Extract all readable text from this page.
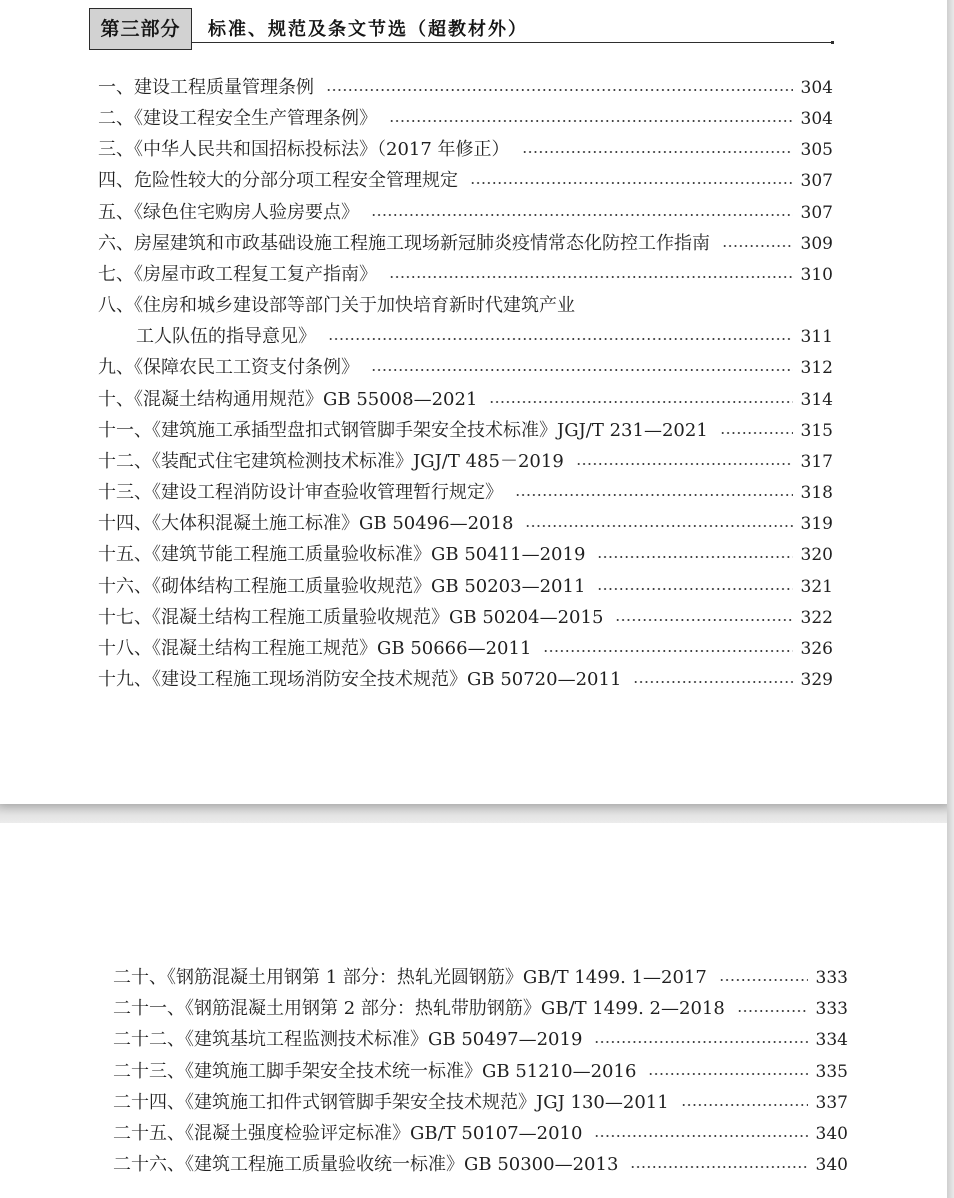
第三部分	标准、规范及条文节选（超教材外）
一、建设工程质量管理条例	304
二、《建设工程安全生产管理条例》	304
三、《中华人民共和国招标投标法》（2017 年修正）	305
四、危险性较大的分部分项工程安全管理规定	307
五、《绿色住宅购房人验房要点》	307
六、房屋建筑和市政基础设施工程施工现场新冠肺炎疫情常态化防控工作指南	309
七、《房屋市政工程复工复产指南》	310
八、《住房和城乡建设部等部门关于加快培育新时代建筑产业
工人队伍的指导意见》	311
九、《保障农民工工资支付条例》	312
十、《混凝土结构通用规范》GB 55008—2021	314
十一、《建筑施工承插型盘扣式钢管脚手架安全技术标准》JGJ/T 231—2021	315
十二、《装配式住宅建筑检测技术标准》JGJ/T 485－2019	317
十三、《建设工程消防设计审查验收管理暂行规定》	318
十四、《大体积混凝土施工标准》GB 50496—2018	319
十五、《建筑节能工程施工质量验收标准》GB 50411—2019	320
十六、《砌体结构工程施工质量验收规范》GB 50203—2011	321
十七、《混凝土结构工程施工质量验收规范》GB 50204—2015	322
十八、《混凝土结构工程施工规范》GB 50666—2011	326
十九、《建设工程施工现场消防安全技术规范》GB 50720—2011	329
二十、《钢筋混凝土用钢第 1 部分：热轧光圆钢筋》GB/T 1499. 1—2017	333
二十一、《钢筋混凝土用钢第 2 部分：热轧带肋钢筋》GB/T 1499. 2—2018	333
二十二、《建筑基坑工程监测技术标准》GB 50497—2019	334
二十三、《建筑施工脚手架安全技术统一标准》GB 51210—2016	335
二十四、《建筑施工扣件式钢管脚手架安全技术规范》JGJ 130—2011	337
二十五、《混凝土强度检验评定标准》GB/T 50107—2010	340
二十六、《建筑工程施工质量验收统一标准》GB 50300—2013	340
